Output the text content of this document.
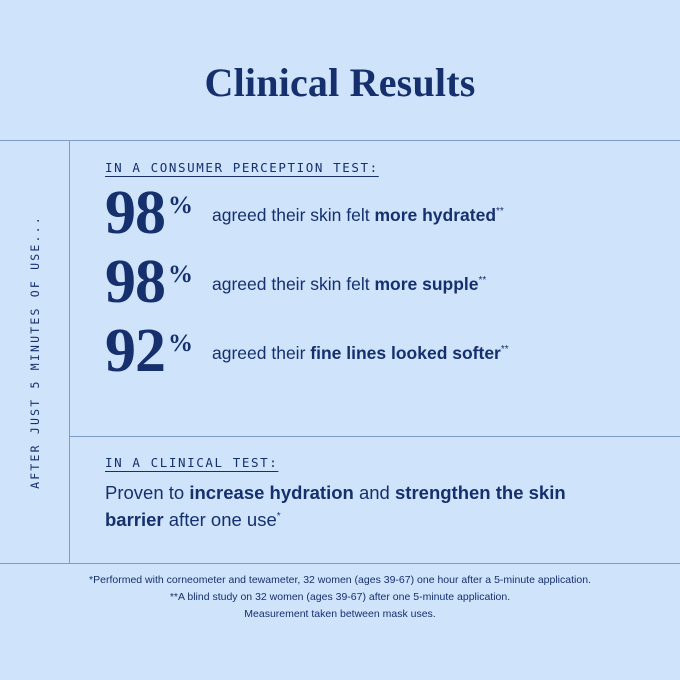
Clinical Results
AFTER JUST 5 MINUTES OF USE...
IN A CONSUMER PERCEPTION TEST:
98 % agreed their skin felt more hydrated**
98 % agreed their skin felt more supple**
92 % agreed their fine lines looked softer**
IN A CLINICAL TEST:
Proven to increase hydration and strengthen the skin barrier after one use*
*Performed with corneometer and tewameter, 32 women (ages 39-67) one hour after a 5-minute application.
**A blind study on 32 women (ages 39-67) after one 5-minute application.
Measurement taken between mask uses.
